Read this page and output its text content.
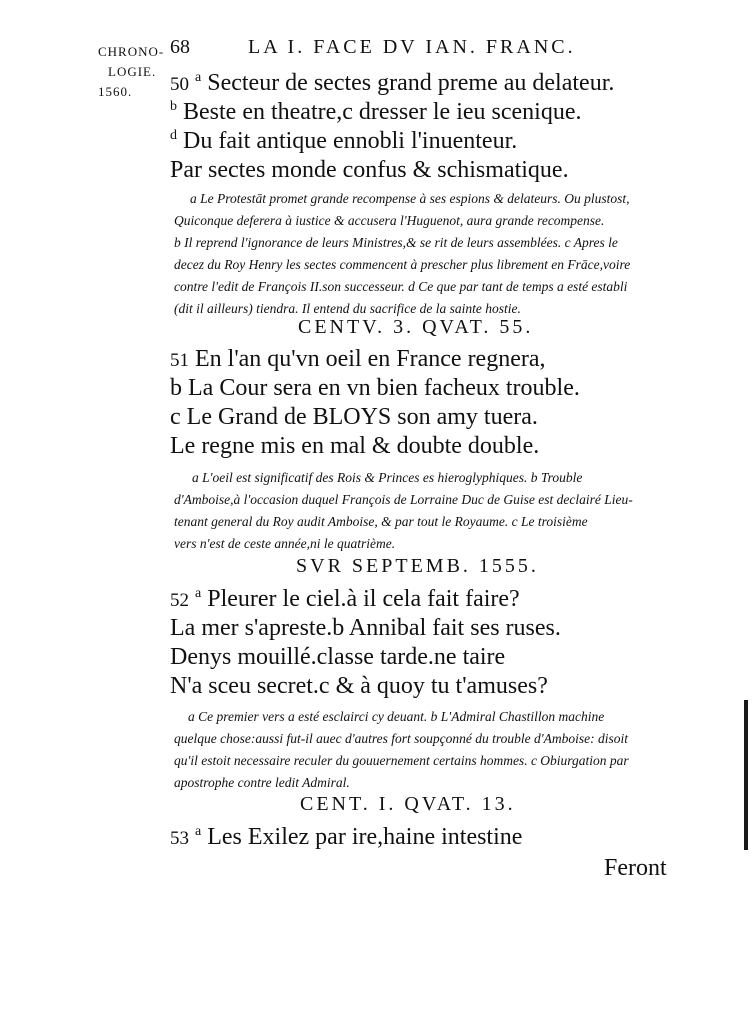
CHRONO-
LOGIE.
1560.
68	LA I. FACE DV IAN. FRANC.
50 $^a$ Secteur de sectes grand preme au delateur.
$^b$ Beste en theatre,c dresser le ieu scenique.
$^d$ Du fait antique ennobli l'inuenteur.
Par sectes monde confus & schismatique.
a Le Protestāt promet grande recompense à ses espions & delateurs. Ou plustost,
Quiconque deferera à iustice & accusera l'Huguenot, aura grande recompense.
b Il reprend l'ignorance de leurs Ministres,& se rit de leurs assemblées. c Apres le
decez du Roy Henry les sectes commencent à prescher plus librement en Frāce,voire
contre l'edit de François II.son successeur. d Ce que par tant de temps a esté establi
(dit il ailleurs) tiendra. Il entend du sacrifice de la sainte hostie.
CENTV. 3. QVAT. 55.
51 En l'an qu'vn oeil en France regnera,
b La Cour sera en vn bien facheux trouble.
c Le Grand de BLOYS son amy tuera.
Le regne mis en mal & doubte double.
a L'oeil est significatif des Rois & Princes es hieroglyphiques. b Trouble
d'Amboise,à l'occasion duquel François de Lorraine Duc de Guise est declairé Lieu-
tenant general du Roy audit Amboise, & par tout le Royaume. c Le troisième
vers n'est de ceste année,ni le quatrième.
SVR SEPTEMB. 1555.
52 $^a$ Pleurer le ciel.à il cela fait faire?
La mer s'apreste.b Annibal fait ses ruses.
Denys mouillé.classe tarde.ne taire
N'a sceu secret.c & à quoy tu t'amuses?
a Ce premier vers a esté esclairci cy deuant. b L'Admiral Chastillon machine
quelque chose:aussi fut-il auec d'autres fort soupçonné du trouble d'Amboise: disoit
qu'il estoit necessaire reculer du gouuernement certains hommes. c Obiurgation par
apostrophe contre ledit Admiral.
CENT. I. QVAT. 13.
53 $^a$ Les Exilez par ire,haine intestine
Feront
